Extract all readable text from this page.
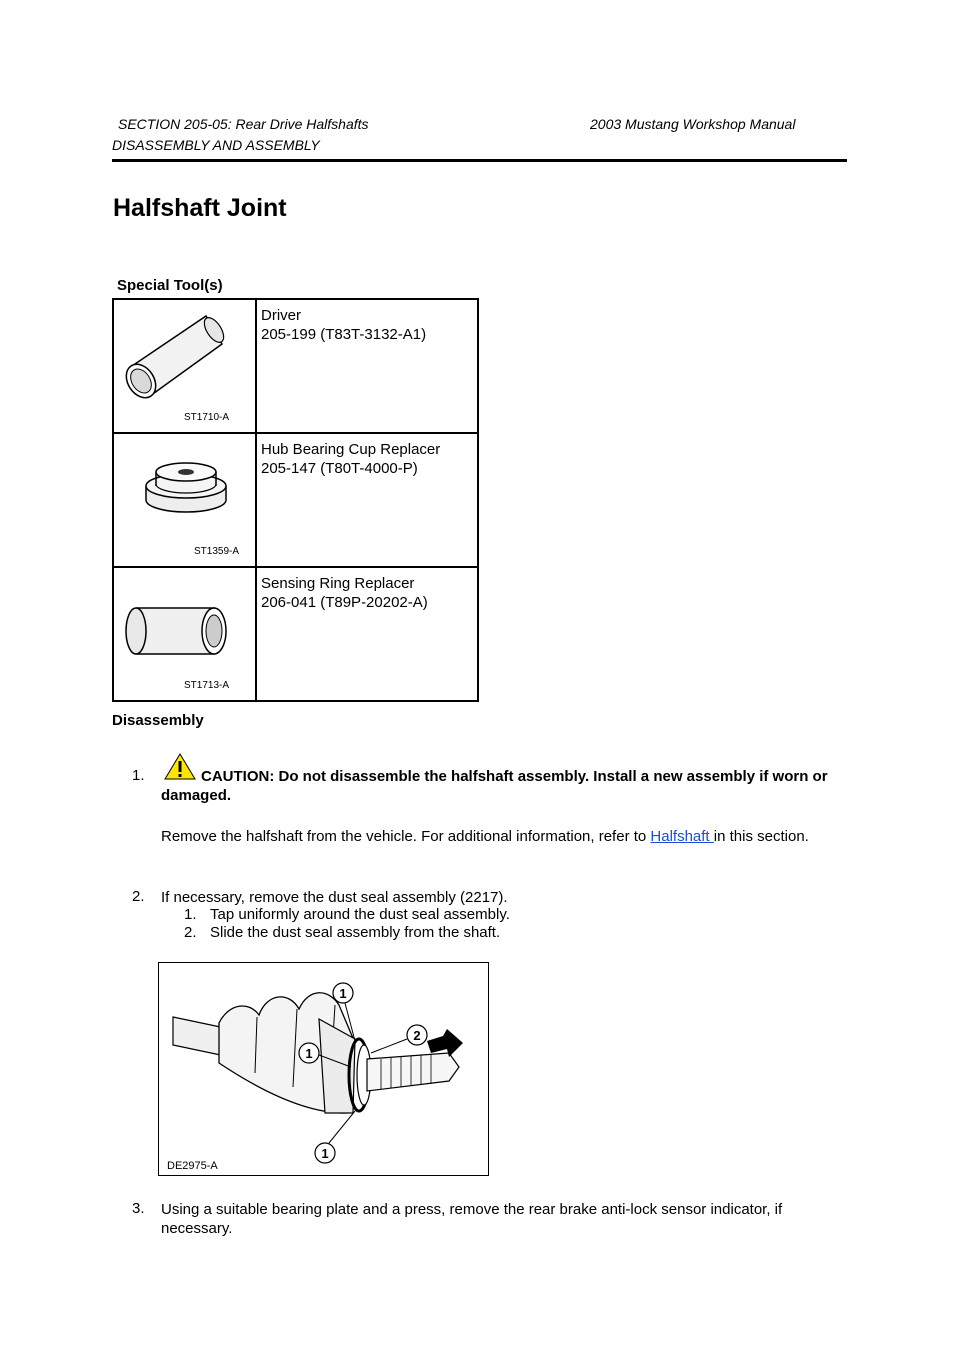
SECTION 205-05: Rear Drive Halfshafts	2003 Mustang Workshop Manual
DISASSEMBLY AND ASSEMBLY
Halfshaft Joint
Special Tool(s)
ST1710-A	Driver
205-199 (T83T-3132-A1)

ST1359-A	Hub Bearing Cup Replacer
205-147 (T80T-4000-P)

ST1713-A	Sensing Ring Replacer
206-041 (T89P-20202-A)
Disassembly
1.	CAUTION: Do not disassemble the halfshaft assembly. Install a new assembly if worn or damaged.
Remove the halfshaft from the vehicle. For additional information, refer to Halfshaft in this section.
2. If necessary, remove the dust seal assembly (2217).
1. Tap uniformly around the dust seal assembly.
2. Slide the dust seal assembly from the shaft.
1
1
1
2
DE2975-A
3. Using a suitable bearing plate and a press, remove the rear brake anti-lock sensor indicator, if necessary.
